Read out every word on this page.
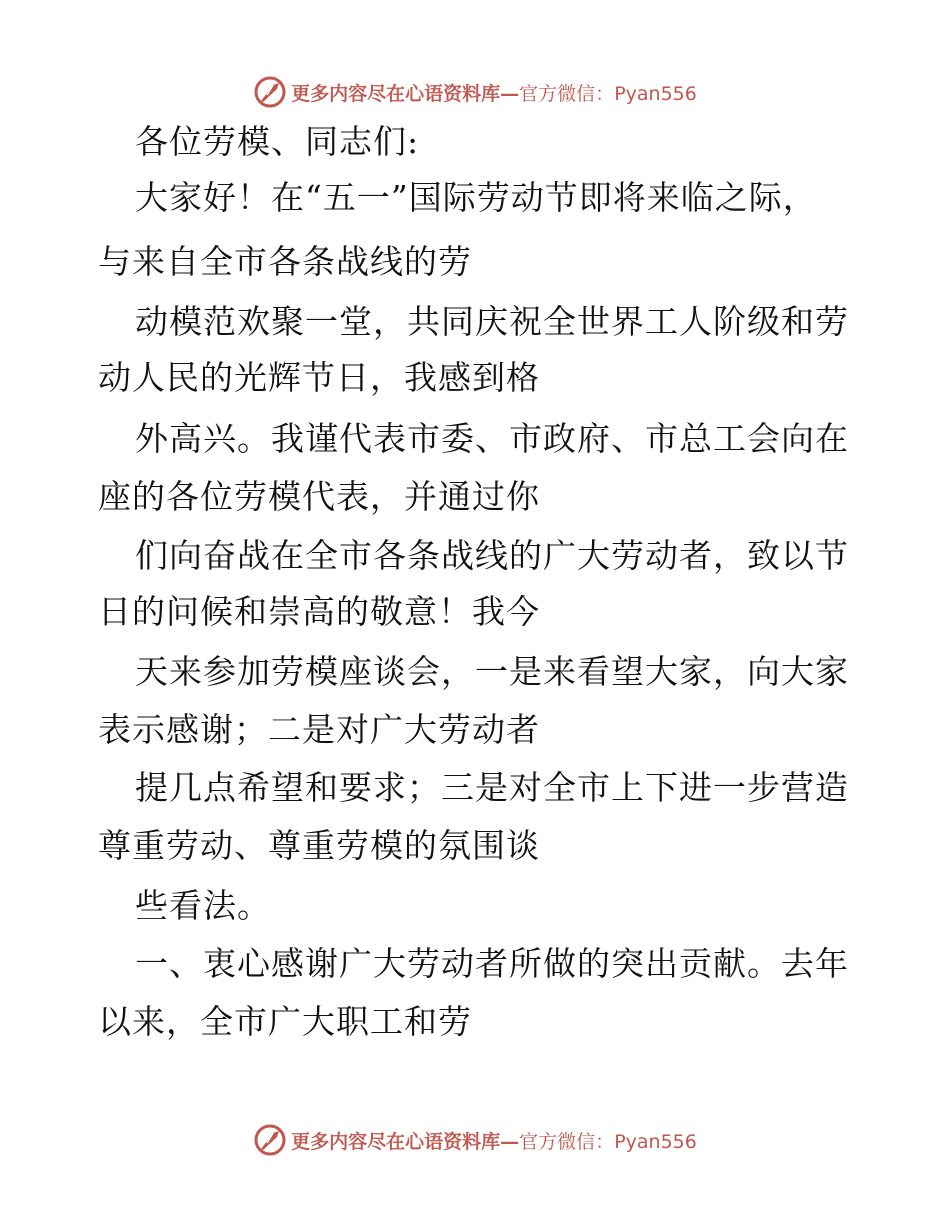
更多内容尽在心语资料库—官方微信：Pyan556
各位劳模、同志们:
大家好！在“五一”国际劳动节即将来临之际，
与来自全市各条战线的劳
动模范欢聚一堂，共同庆祝全世界工人阶级和劳
动人民的光辉节日，我感到格
外高兴。我谨代表市委、市政府、市总工会向在
座的各位劳模代表，并通过你
们向奋战在全市各条战线的广大劳动者，致以节
日的问候和崇高的敬意！我今
天来参加劳模座谈会，一是来看望大家，向大家
表示感谢；二是对广大劳动者
提几点希望和要求；三是对全市上下进一步营造
尊重劳动、尊重劳模的氛围谈
些看法。
一、衷心感谢广大劳动者所做的突出贡献。去年
以来，全市广大职工和劳
更多内容尽在心语资料库—官方微信：Pyan556
